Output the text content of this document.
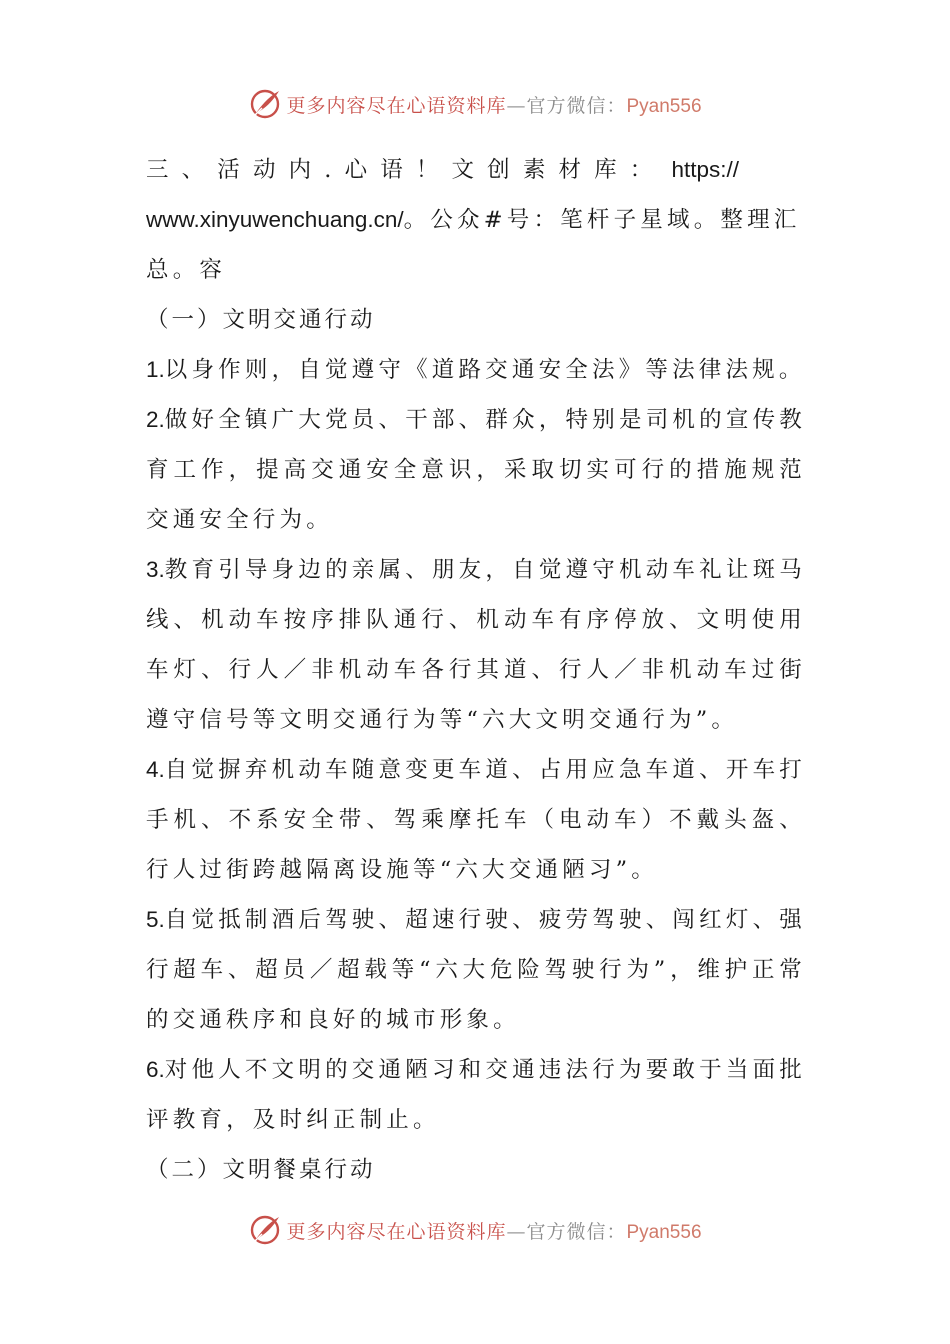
更多内容尽在心语资料库—官方微信：Pyan556

三 、 活 动 内 . 心 语 ！ 文 创 素 材 库 ： https://
www.xinyuwenchuang.cn/。公众#号：笔杆子星域。整理汇总。容

（一）文明交通行动

1.以身作则，自觉遵守《道路交通安全法》等法律法规。

2.做好全镇广大党员、干部、群众，特别是司机的宣传教育工作，提高交通安全意识，采取切实可行的措施规范交通安全行为。

3.教育引导身边的亲属、朋友，自觉遵守机动车礼让斑马线、机动车按序排队通行、机动车有序停放、文明使用车灯、行人／非机动车各行其道、行人／非机动车过街遵守信号等文明交通行为等“六大文明交通行为”。

4.自觉摒弃机动车随意变更车道、占用应急车道、开车打手机、不系安全带、驾乘摩托车（电动车）不戴头盔、行人过街跨越隔离设施等“六大交通陋习”。

5.自觉抵制酒后驾驶、超速行驶、疲劳驾驶、闯红灯、强行超车、超员／超载等“六大危险驾驶行为”，维护正常的交通秩序和良好的城市形象。

6.对他人不文明的交通陋习和交通违法行为要敢于当面批评教育，及时纠正制止。

（二）文明餐桌行动

更多内容尽在心语资料库—官方微信：Pyan556
